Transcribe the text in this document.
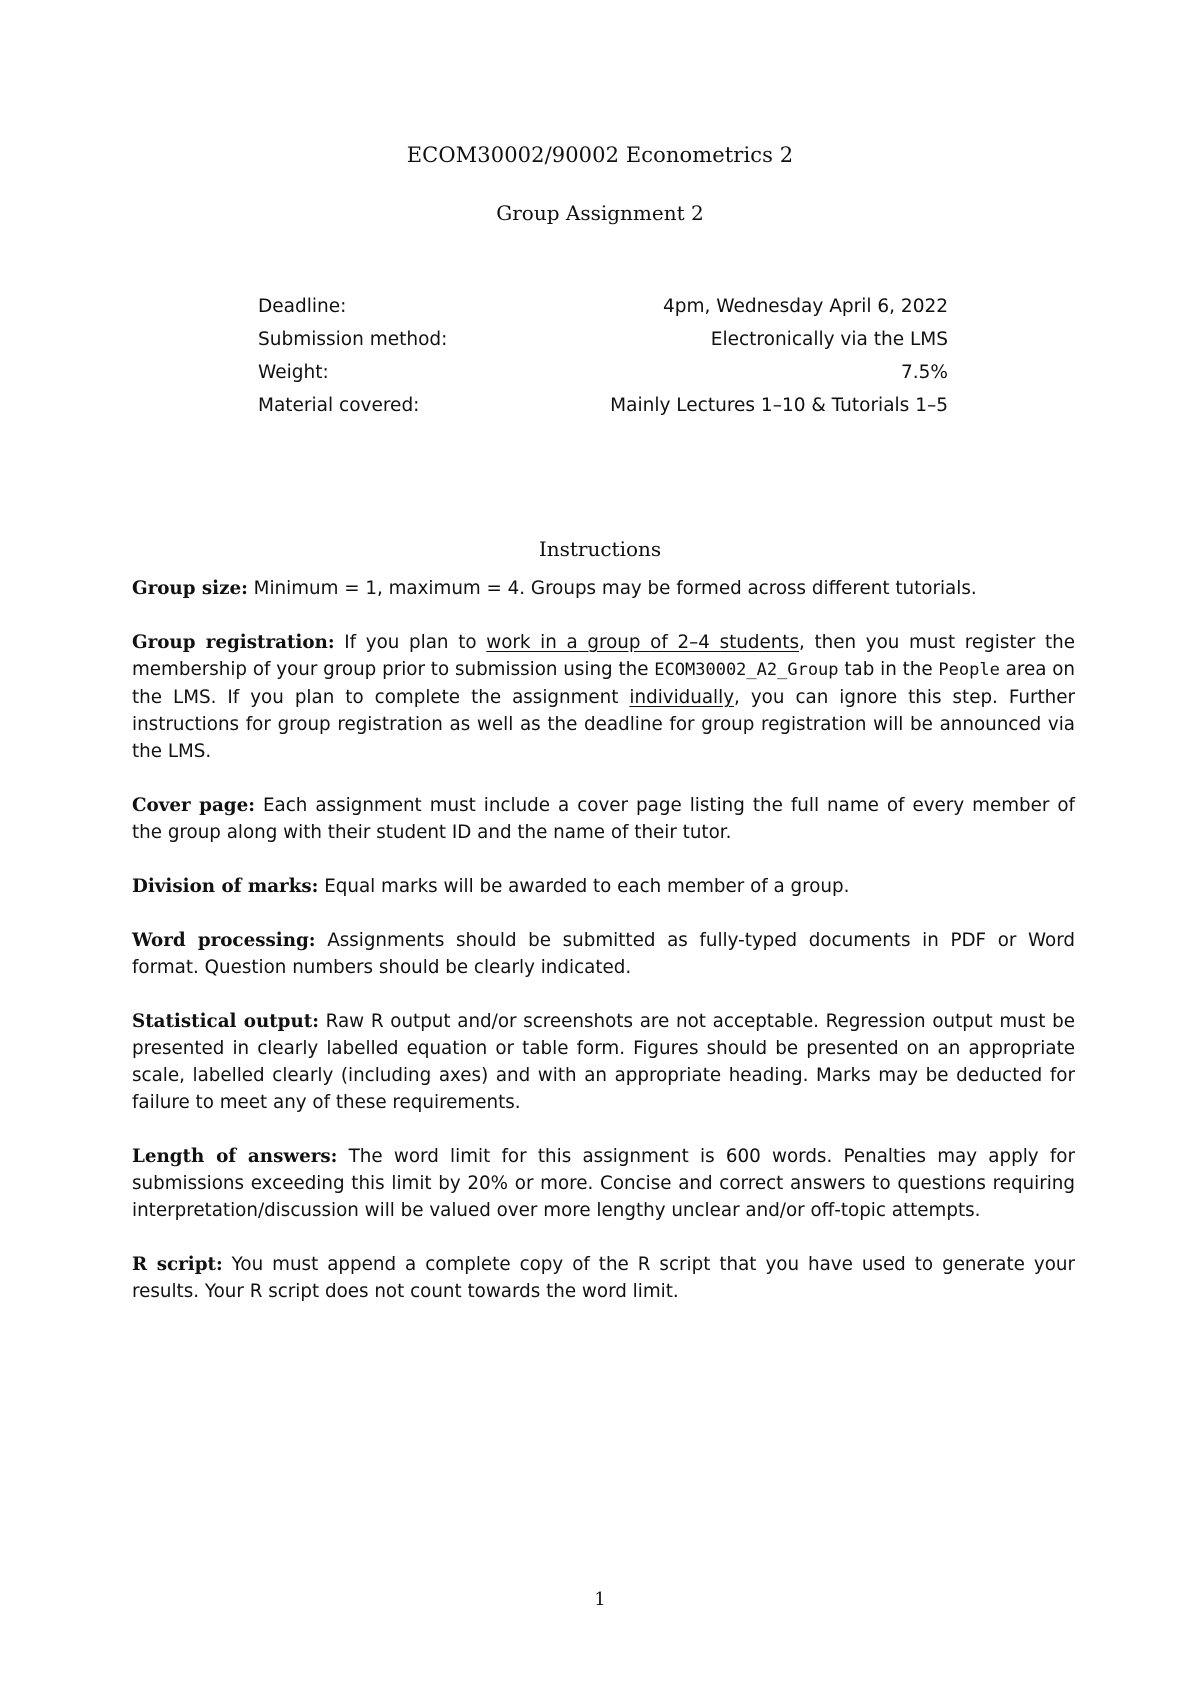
ECOM30002/90002 Econometrics 2
Group Assignment 2
Deadline:	4pm, Wednesday April 6, 2022
Submission method:	Electronically via the LMS
Weight:	7.5%
Material covered:	Mainly Lectures 1–10 & Tutorials 1–5
Instructions

Group size: Minimum = 1, maximum = 4. Groups may be formed across different tutorials.

Group registration: If you plan to work in a group of 2–4 students, then you must register the membership of your group prior to submission using the ECOM30002_A2_Group tab in the People area on the LMS. If you plan to complete the assignment individually, you can ignore this step. Further instructions for group registration as well as the deadline for group registration will be announced via the LMS.

Cover page: Each assignment must include a cover page listing the full name of every member of the group along with their student ID and the name of their tutor.

Division of marks: Equal marks will be awarded to each member of a group.

Word processing: Assignments should be submitted as fully-typed documents in PDF or Word format. Question numbers should be clearly indicated.

Statistical output: Raw R output and/or screenshots are not acceptable. Regression output must be presented in clearly labelled equation or table form. Figures should be presented on an appropriate scale, labelled clearly (including axes) and with an appropriate heading. Marks may be deducted for failure to meet any of these requirements.

Length of answers: The word limit for this assignment is 600 words. Penalties may apply for submissions exceeding this limit by 20% or more. Concise and correct answers to questions requiring interpretation/discussion will be valued over more lengthy unclear and/or off-topic attempts.

R script: You must append a complete copy of the R script that you have used to generate your results. Your R script does not count towards the word limit.

1
